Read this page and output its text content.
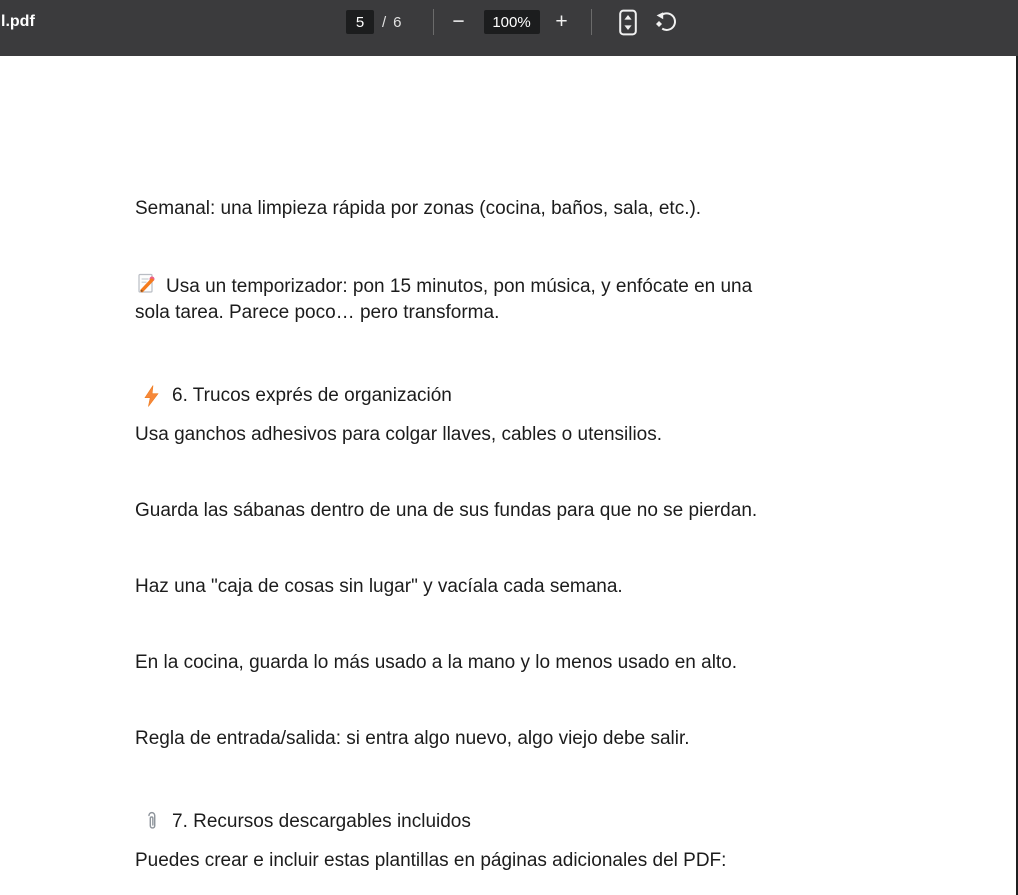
l.pdf	5	/ 6	−	100%	+
Semanal: una limpieza rápida por zonas (cocina, baños, sala, etc.).
Usa un temporizador: pon 15 minutos, pon música, y enfócate en una
sola tarea. Parece poco… pero transforma.
6. Trucos exprés de organización
Usa ganchos adhesivos para colgar llaves, cables o utensilios.
Guarda las sábanas dentro de una de sus fundas para que no se pierdan.
Haz una "caja de cosas sin lugar" y vacíala cada semana.
En la cocina, guarda lo más usado a la mano y lo menos usado en alto.
Regla de entrada/salida: si entra algo nuevo, algo viejo debe salir.
7. Recursos descargables incluidos
Puedes crear e incluir estas plantillas en páginas adicionales del PDF:
